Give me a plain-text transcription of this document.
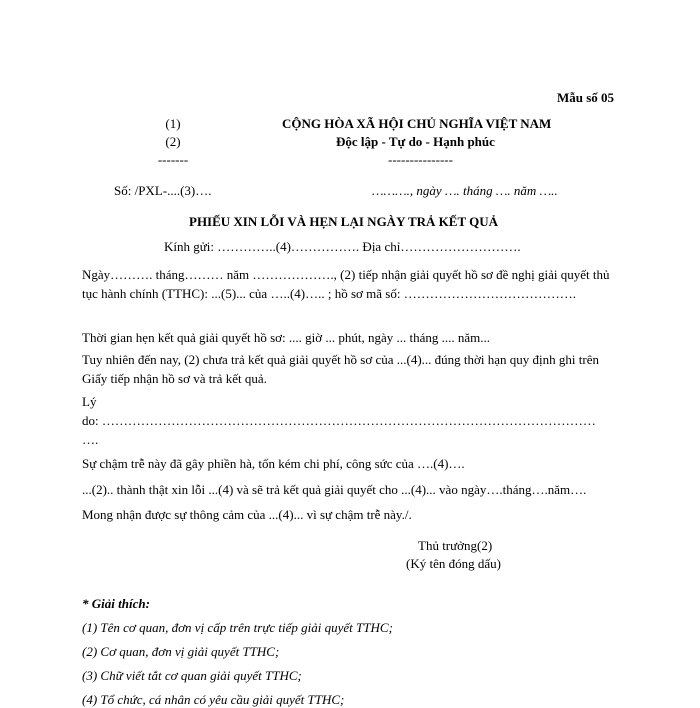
Mẫu số 05
(1)
(2)
-------
CỘNG HÒA XÃ HỘI CHỦ NGHĨA VIỆT NAM
Độc lập - Tự do - Hạnh phúc
---------------
Số: /PXL-....(3)….	………., ngày …. tháng …. năm …..
PHIẾU XIN LỖI VÀ HẸN LẠI NGÀY TRẢ KẾT QUẢ
Kính gửi: …………..(4)……………. Địa chỉ……………………….
Ngày………. tháng……… năm ………………., (2) tiếp nhận giải quyết hồ sơ đề nghị giải quyết thủ tục hành chính (TTHC): ...(5)... của …..(4)….. ; hồ sơ mã số: ………………………………….
Thời gian hẹn kết quả giải quyết hồ sơ: .... giờ ... phút, ngày ... tháng .... năm...
Tuy nhiên đến nay, (2) chưa trả kết quả giải quyết hồ sơ của ...(4)... đúng thời hạn quy định ghi trên Giấy tiếp nhận hồ sơ và trả kết quả.
Lý
do: ……………………………………………………………………………………………………
….
Sự chậm trễ này đã gây phiền hà, tốn kém chi phí, công sức của ….(4)….
...(2).. thành thật xin lỗi ...(4) và sẽ trả kết quả giải quyết cho ...(4)... vào ngày….tháng….năm….
Mong nhận được sự thông cảm của ...(4)... vì sự chậm trễ này./.
Thủ trưởng(2)
(Ký tên đóng dấu)
* Giải thích:
(1) Tên cơ quan, đơn vị cấp trên trực tiếp giải quyết TTHC;
(2) Cơ quan, đơn vị giải quyết TTHC;
(3) Chữ viết tắt cơ quan giải quyết TTHC;
(4) Tổ chức, cá nhân có yêu cầu giải quyết TTHC;
